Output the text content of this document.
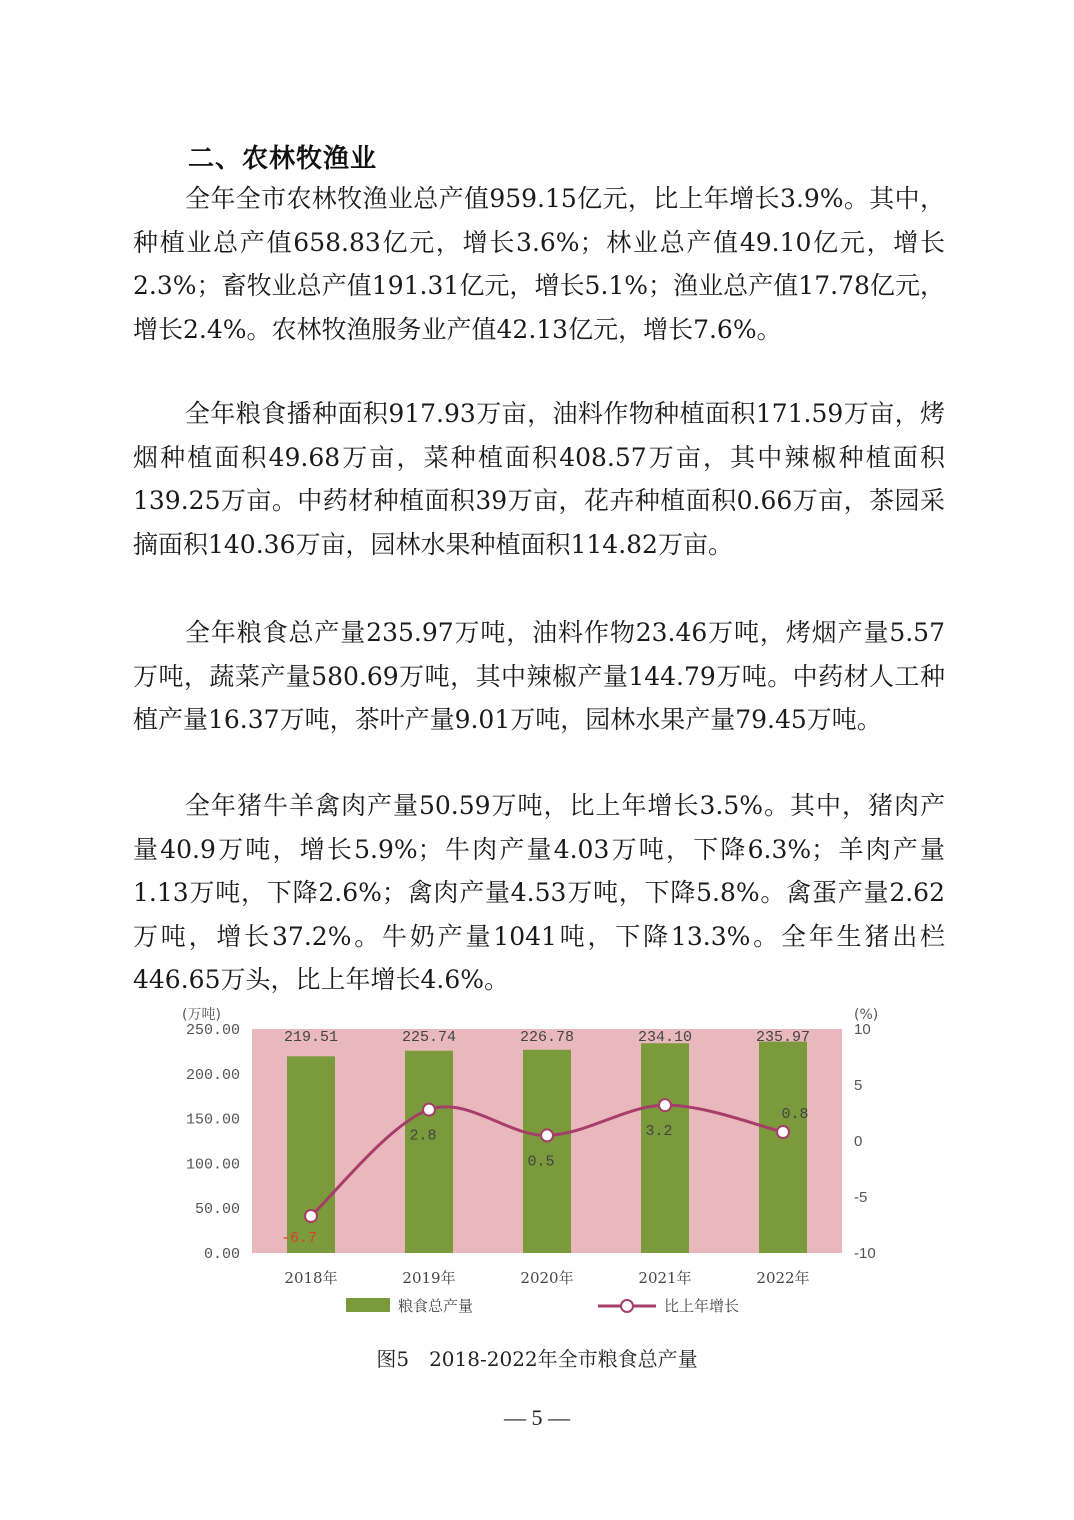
二、农林牧渔业

全年全市农林牧渔业总产值959.15亿元，比上年增长3.9%。其中，种植业总产值658.83亿元，增长3.6%；林业总产值49.10亿元，增长2.3%；畜牧业总产值191.31亿元，增长5.1%；渔业总产值17.78亿元，增长2.4%。农林牧渔服务业产值42.13亿元，增长7.6%。

全年粮食播种面积917.93万亩，油料作物种植面积171.59万亩，烤烟种植面积49.68万亩，菜种植面积408.57万亩，其中辣椒种植面积139.25万亩。中药材种植面积39万亩，花卉种植面积0.66万亩，茶园采摘面积140.36万亩，园林水果种植面积114.82万亩。

全年粮食总产量235.97万吨，油料作物23.46万吨，烤烟产量5.57万吨，蔬菜产量580.69万吨，其中辣椒产量144.79万吨。中药材人工种植产量16.37万吨，茶叶产量9.01万吨，园林水果产量79.45万吨。

全年猪牛羊禽肉产量50.59万吨，比上年增长3.5%。其中，猪肉产量40.9万吨，增长5.9%；牛肉产量4.03万吨，下降6.3%；羊肉产量1.13万吨，下降2.6%；禽肉产量4.53万吨，下降5.8%。禽蛋产量2.62万吨，增长37.2%。牛奶产量1041吨，下降13.3%。全年生猪出栏446.65万头，比上年增长4.6%。

0.00
50.00
100.00
150.00
200.00
250.00
(万吨)
-10
-5
0
5
10
(%)
219.51	225.74	226.78	234.10	235.97
2018年	2019年	2020年	2021年	2022年
-6.7
2.8
0.5
3.2
0.8
粮食总产量	比上年增长
图5　2018-2022年全市粮食总产量
— 5 —
